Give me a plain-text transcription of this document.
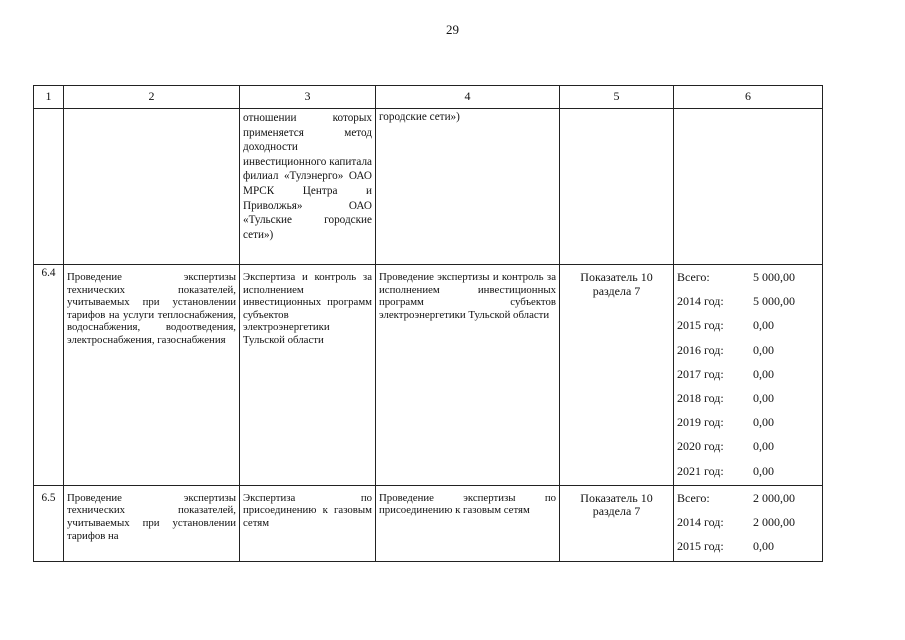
29
1	2	3	4	5	6
		отношении которых применяется метод доходности инвестиционного капитала филиал «Тулэнерго» ОАО МРСК Центра и Приволжья» ОАО «Тульские городские сети»)	городские сети»)		
6.4	Проведение экспертизы технических показателей, учитываемых при установлении тарифов на услуги теплоснабжения, водоснабжения, водоотведения, электроснабжения, газоснабжения	Экспертиза и контроль за исполнением инвестиционных программ субъектов электроэнергетики Тульской области	Проведение экспертизы и контроль за исполнением инвестиционных программ субъектов электроэнергетики Тульской области	Показатель 10 раздела 7	
Всего:	5 000,00
2014 год:	5 000,00
2015 год:	0,00
2016 год:	0,00
2017 год:	0,00
2018 год:	0,00
2019 год:	0,00
2020 год:	0,00
2021 год:	0,00

6.5	Проведение экспертизы технических показателей, учитываемых при установлении тарифов на	Экспертиза по присоединению к газовым сетям	Проведение экспертизы по присоединению к газовым сетям	Показатель 10 раздела 7	
Всего:	2 000,00
2014 год:	2 000,00
2015 год:	0,00
